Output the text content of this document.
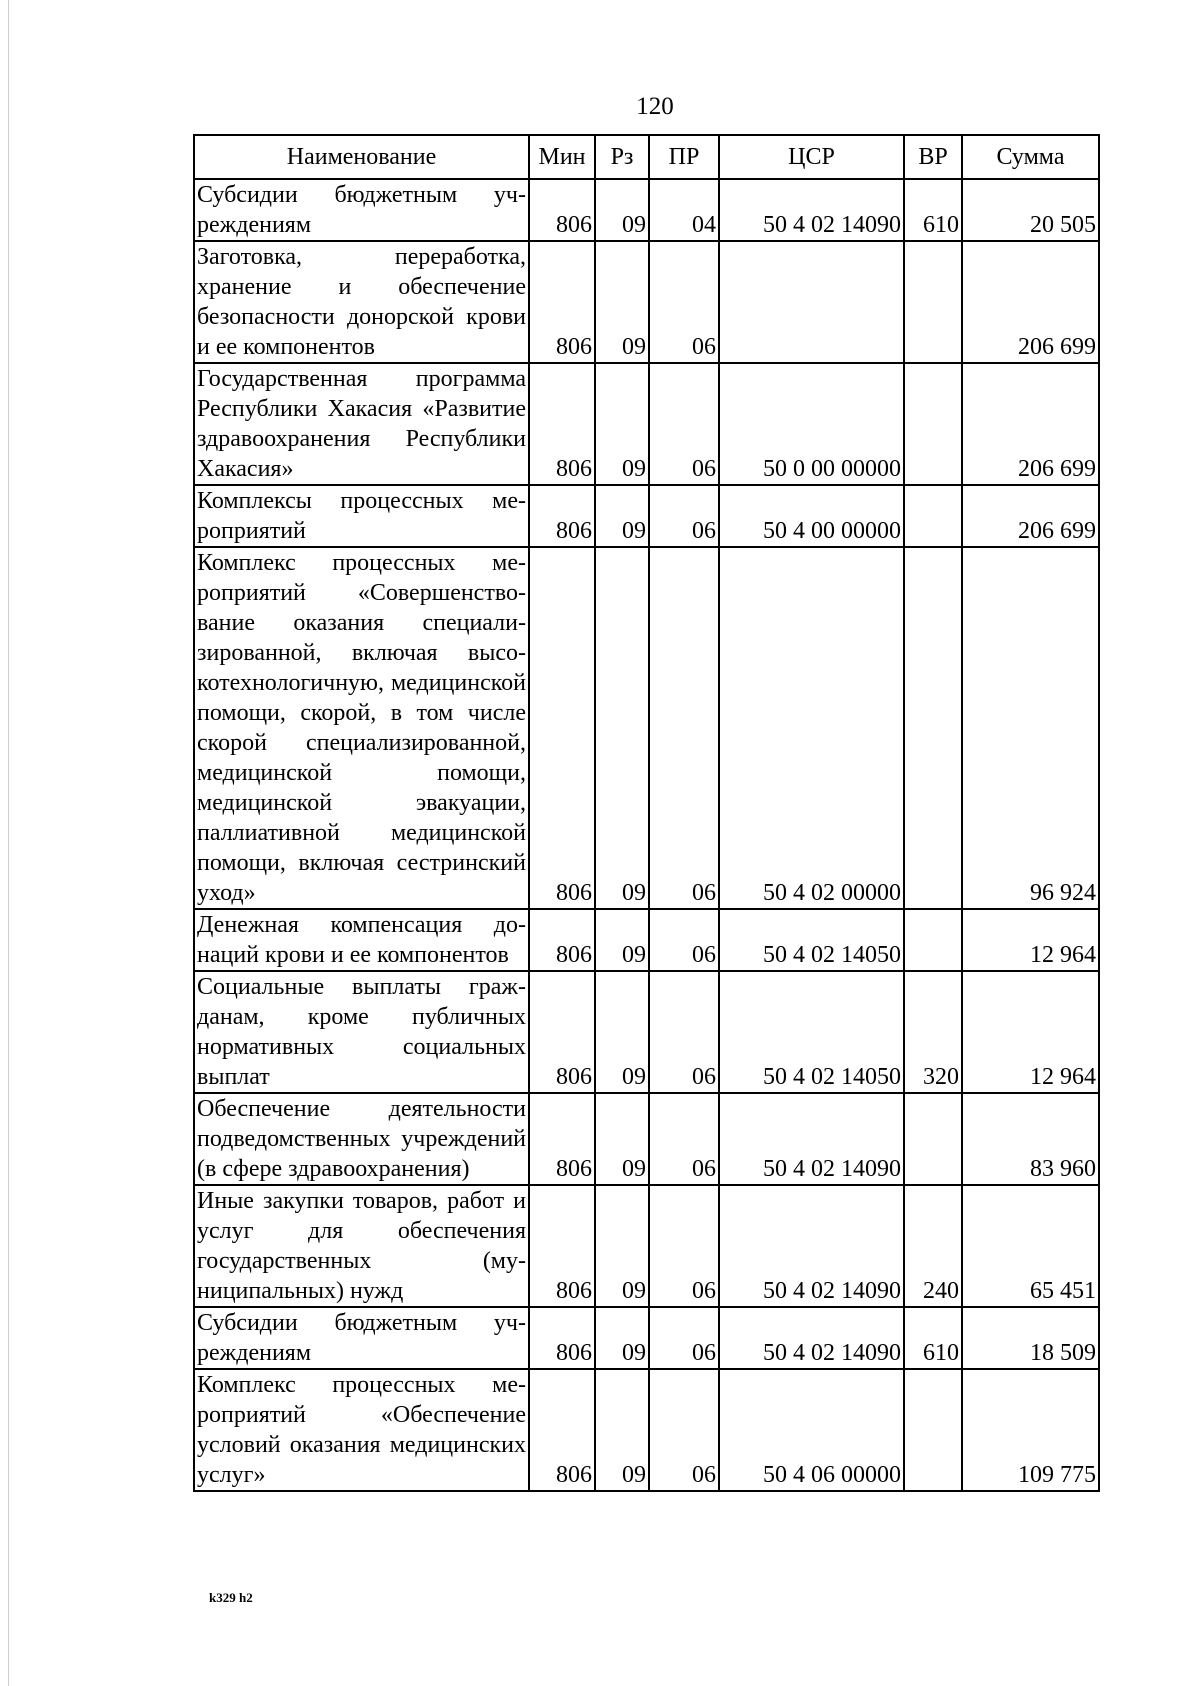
120
Наименование	Мин	Рз	ПР	ЦСР	ВР	Сумма
Субсидии бюджетным учреждениям	806	09	04	50 4 02 14090	610	20 505
Заготовка, переработка, хранение и обеспечение безопасности донорской крови и ее компонентов	806	09	06			206 699
Государственная программа Республики Хакасия «Развитие здравоохранения Республики Хакасия»	806	09	06	50 0 00 00000		206 699
Комплексы процессных мероприятий	806	09	06	50 4 00 00000		206 699
Комплекс процессных мероприятий «Совершенствование оказания специализированной, включая высокотехнологичную, медицинской помощи, скорой, в том числе скорой специализированной, медицинской помощи, медицинской эвакуации, паллиативной медицинской помощи, включая сестринский уход»	806	09	06	50 4 02 00000		96 924
Денежная компенсация донаций крови и ее компонентов	806	09	06	50 4 02 14050		12 964
Социальные выплаты гражданам, кроме публичных нормативных социальных выплат	806	09	06	50 4 02 14050	320	12 964
Обеспечение деятельности подведомственных учреждений (в сфере здравоохранения)	806	09	06	50 4 02 14090		83 960
Иные закупки товаров, работ и услуг для обеспечения государственных (муниципальных) нужд	806	09	06	50 4 02 14090	240	65 451
Субсидии бюджетным учреждениям	806	09	06	50 4 02 14090	610	18 509
Комплекс процессных мероприятий «Обеспечение условий оказания медицинских услуг»	806	09	06	50 4 06 00000		109 775
k329 h2
